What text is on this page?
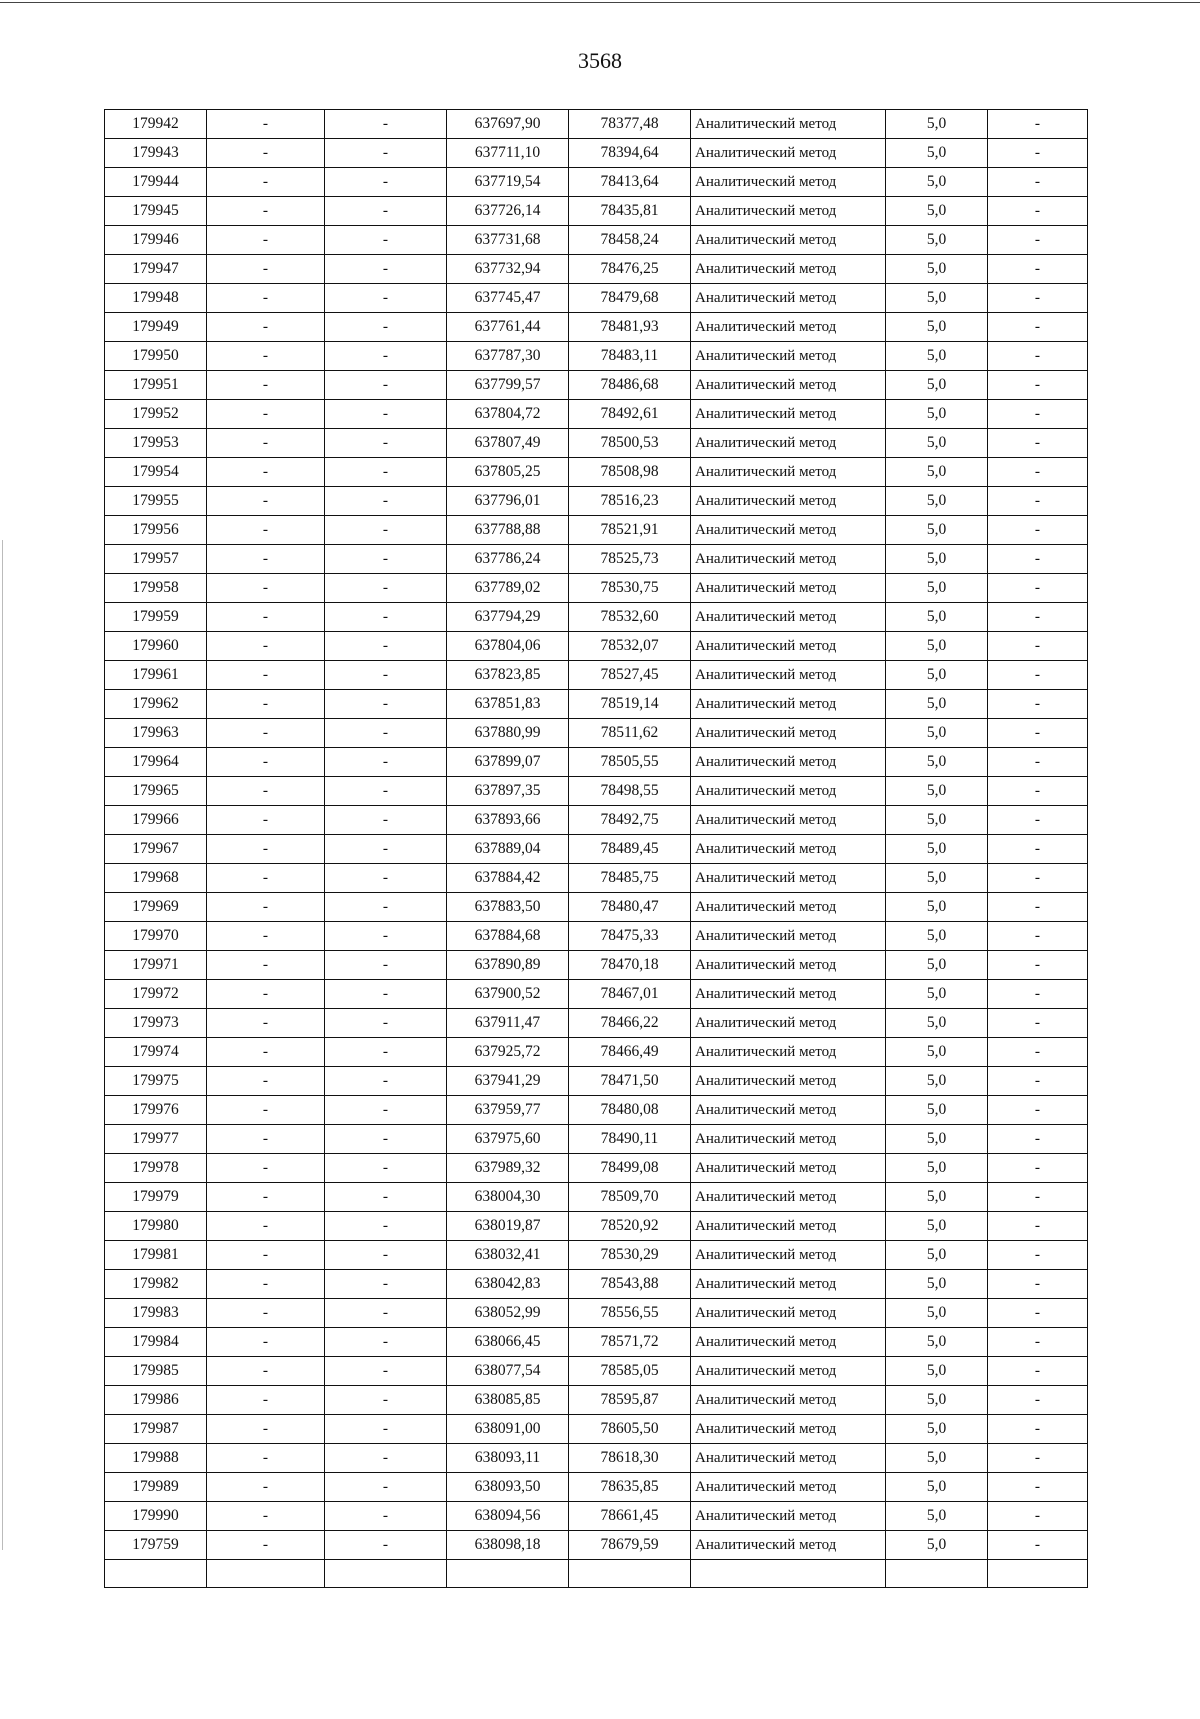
3568
179942	-	-	637697,90	78377,48	Аналитический метод	5,0	-
179943	-	-	637711,10	78394,64	Аналитический метод	5,0	-
179944	-	-	637719,54	78413,64	Аналитический метод	5,0	-
179945	-	-	637726,14	78435,81	Аналитический метод	5,0	-
179946	-	-	637731,68	78458,24	Аналитический метод	5,0	-
179947	-	-	637732,94	78476,25	Аналитический метод	5,0	-
179948	-	-	637745,47	78479,68	Аналитический метод	5,0	-
179949	-	-	637761,44	78481,93	Аналитический метод	5,0	-
179950	-	-	637787,30	78483,11	Аналитический метод	5,0	-
179951	-	-	637799,57	78486,68	Аналитический метод	5,0	-
179952	-	-	637804,72	78492,61	Аналитический метод	5,0	-
179953	-	-	637807,49	78500,53	Аналитический метод	5,0	-
179954	-	-	637805,25	78508,98	Аналитический метод	5,0	-
179955	-	-	637796,01	78516,23	Аналитический метод	5,0	-
179956	-	-	637788,88	78521,91	Аналитический метод	5,0	-
179957	-	-	637786,24	78525,73	Аналитический метод	5,0	-
179958	-	-	637789,02	78530,75	Аналитический метод	5,0	-
179959	-	-	637794,29	78532,60	Аналитический метод	5,0	-
179960	-	-	637804,06	78532,07	Аналитический метод	5,0	-
179961	-	-	637823,85	78527,45	Аналитический метод	5,0	-
179962	-	-	637851,83	78519,14	Аналитический метод	5,0	-
179963	-	-	637880,99	78511,62	Аналитический метод	5,0	-
179964	-	-	637899,07	78505,55	Аналитический метод	5,0	-
179965	-	-	637897,35	78498,55	Аналитический метод	5,0	-
179966	-	-	637893,66	78492,75	Аналитический метод	5,0	-
179967	-	-	637889,04	78489,45	Аналитический метод	5,0	-
179968	-	-	637884,42	78485,75	Аналитический метод	5,0	-
179969	-	-	637883,50	78480,47	Аналитический метод	5,0	-
179970	-	-	637884,68	78475,33	Аналитический метод	5,0	-
179971	-	-	637890,89	78470,18	Аналитический метод	5,0	-
179972	-	-	637900,52	78467,01	Аналитический метод	5,0	-
179973	-	-	637911,47	78466,22	Аналитический метод	5,0	-
179974	-	-	637925,72	78466,49	Аналитический метод	5,0	-
179975	-	-	637941,29	78471,50	Аналитический метод	5,0	-
179976	-	-	637959,77	78480,08	Аналитический метод	5,0	-
179977	-	-	637975,60	78490,11	Аналитический метод	5,0	-
179978	-	-	637989,32	78499,08	Аналитический метод	5,0	-
179979	-	-	638004,30	78509,70	Аналитический метод	5,0	-
179980	-	-	638019,87	78520,92	Аналитический метод	5,0	-
179981	-	-	638032,41	78530,29	Аналитический метод	5,0	-
179982	-	-	638042,83	78543,88	Аналитический метод	5,0	-
179983	-	-	638052,99	78556,55	Аналитический метод	5,0	-
179984	-	-	638066,45	78571,72	Аналитический метод	5,0	-
179985	-	-	638077,54	78585,05	Аналитический метод	5,0	-
179986	-	-	638085,85	78595,87	Аналитический метод	5,0	-
179987	-	-	638091,00	78605,50	Аналитический метод	5,0	-
179988	-	-	638093,11	78618,30	Аналитический метод	5,0	-
179989	-	-	638093,50	78635,85	Аналитический метод	5,0	-
179990	-	-	638094,56	78661,45	Аналитический метод	5,0	-
179759	-	-	638098,18	78679,59	Аналитический метод	5,0	-
